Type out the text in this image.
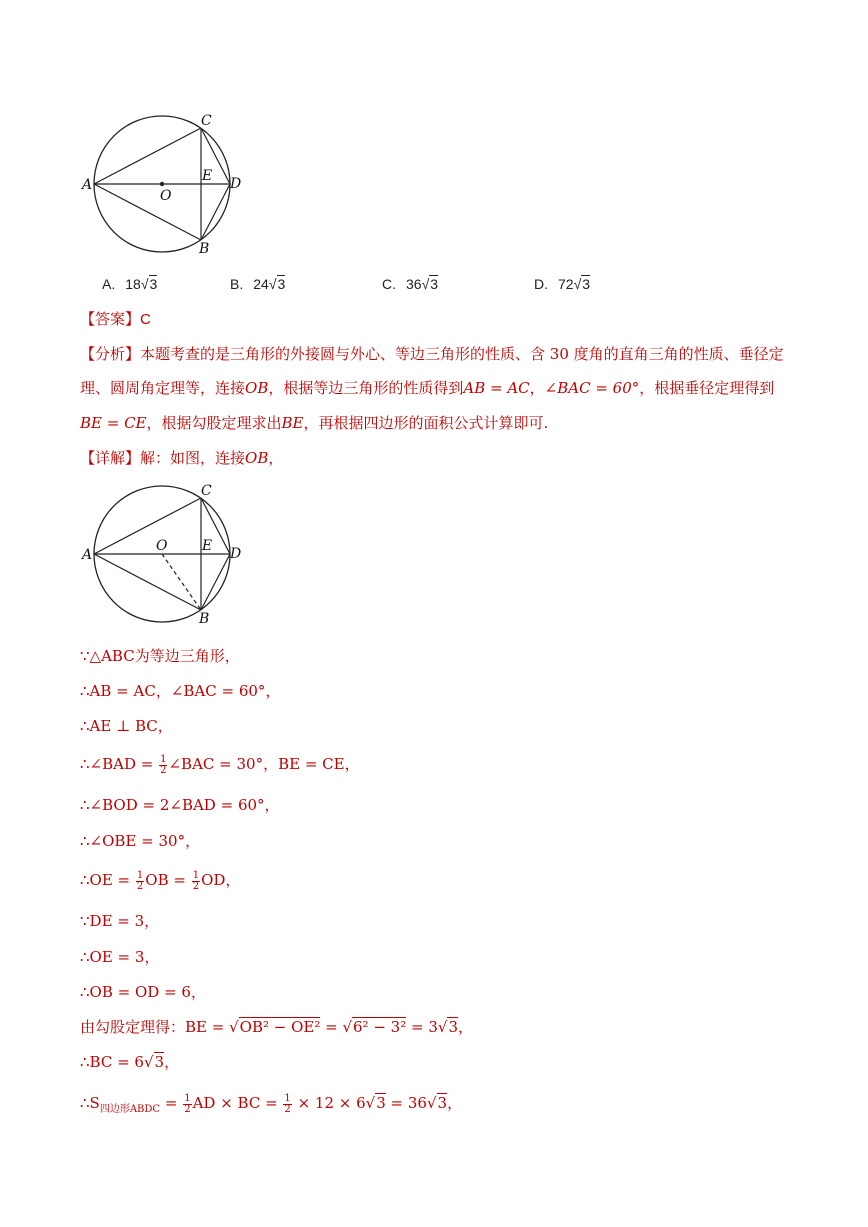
A
C
B
D
E
O
A. 18√3	B. 24√3	C. 36√3	D. 72√3
【答案】C
【分析】本题考查的是三角形的外接圆与外心、等边三角形的性质、含 30 度角的直角三角的性质、垂径定
理、圆周角定理等，连接OB，根据等边三角形的性质得到AB = AC，∠BAC = 60°，根据垂径定理得到
BE = CE，根据勾股定理求出BE，再根据四边形的面积公式计算即可.
【详解】解：如图，连接OB，
A
C
B
D
E
O
∵△ABC为等边三角形，
∴AB = AC，∠BAC = 60°，
∴AE ⊥ BC，
∴∠BAD = $\frac{1}{2}$ ∠BAC = 30°，BE = CE，
∴∠BOD = 2∠BAD = 60°，
∴∠OBE = 30°，
∴OE = $\frac{1}{2}$ OB = $\frac{1}{2}$ OD，
∵DE = 3，
∴OE = 3，
∴OB = OD = 6，
由勾股定理得：BE = √OB² − OE² = √6² − 3² = 3√3，
∴BC = 6√3，
$\therefore S_{四边形ABDC} = \frac{1}{2}$ AD × BC = $\frac{1}{2} \times 12 \times 6√3 = 36√3$，
